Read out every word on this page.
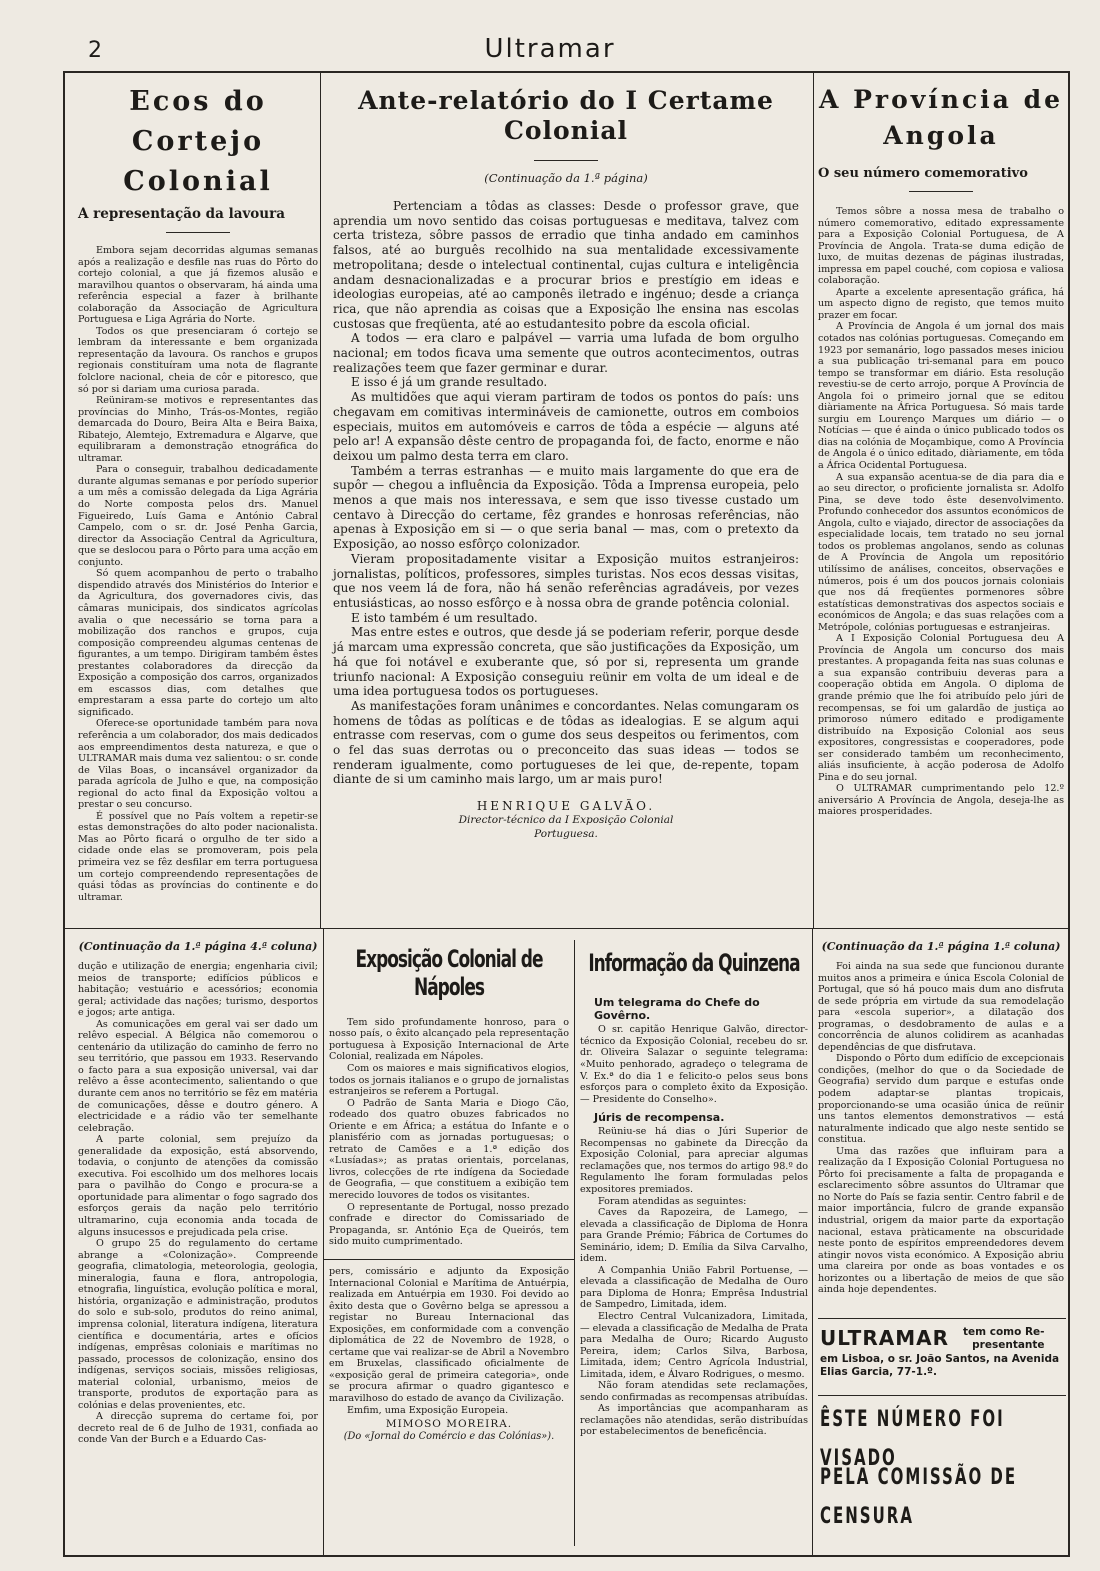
2	Ultramar
Ecos do Cortejo Colonial
A representação da lavoura

Embora sejam decorridas algumas semanas após a realização e desfile nas ruas do Pôrto do cortejo colonial, a que já fizemos alusão e maravilhou quantos o observaram, há ainda uma referência especial a fazer à brilhante colaboração da Associação de Agricultura Portuguesa e Liga Agrária do Norte.

Todos os que presenciaram ó cortejo se lembram da interessante e bem organizada representação da lavoura. Os ranchos e grupos regionais constituíram uma nota de flagrante folclore nacional, cheia de côr e pitoresco, que só por si dariam uma curiosa parada.

Reüniram-se motivos e representantes das províncias do Minho, Trás-os-Montes, região demarcada do Douro, Beira Alta e Beira Baixa, Ribatejo, Alemtejo, Extremadura e Algarve, que equilibraram a demonstração etnográfica do ultramar.

Para o conseguir, trabalhou dedicadamente durante algumas semanas e por período superior a um mês a comissão delegada da Liga Agrária do Norte composta pelos drs. Manuel Figueiredo, Luís Gama e António Cabral Campelo, com o sr. dr. José Penha Garcia, director da Associação Central da Agricultura, que se deslocou para o Pôrto para uma acção em conjunto.

Só quem acompanhou de perto o trabalho dispendido através dos Ministérios do Interior e da Agricultura, dos governadores civis, das câmaras municipais, dos sindicatos agrícolas avalia o que necessário se torna para a mobilização dos ranchos e grupos, cuja composição compreendeu algumas centenas de figurantes, a um tempo. Dirigiram também êstes prestantes colaboradores da direcção da Exposição a composição dos carros, organizados em escassos dias, com detalhes que emprestaram a essa parte do cortejo um alto significado.

Oferece-se oportunidade também para nova referência a um colaborador, dos mais dedicados aos empreendimentos desta natureza, e que o ULTRAMAR mais duma vez salientou: o sr. conde de Vilas Boas, o incansável organizador da parada agrícola de Julho e que, na composição regional do acto final da Exposição voltou a prestar o seu concurso.

É possível que no País voltem a repetir-se estas demonstrações do alto poder nacionalista. Mas ao Pôrto ficará o orgulho de ter sido a cidade onde elas se promoveram, pois pela primeira vez se fêz desfilar em terra portuguesa um cortejo compreendendo representações de quási tôdas as províncias do continente e do ultramar.

Ante-relatório do I Certame Colonial
(Continuação da 1.ª página)

Pertenciam a tôdas as classes: Desde o professor grave, que aprendia um novo sentido das coisas portuguesas e meditava, talvez com certa tristeza, sôbre passos de erradio que tinha andado em caminhos falsos, até ao burguês recolhido na sua mentalidade excessivamente metropolitana; desde o intelectual continental, cujas cultura e inteligência andam desnacionalizadas e a procurar brios e prestígio em ideas e ideologias europeias, até ao camponês iletrado e ingénuo; desde a criança rica, que não aprendia as coisas que a Exposição lhe ensina nas escolas custosas que freqüenta, até ao estudantesito pobre da escola oficial.

A todos — era claro e palpável — varria uma lufada de bom orgulho nacional; em todos ficava uma semente que outros acontecimentos, outras realizações teem que fazer germinar e durar.

E isso é já um grande resultado.

As multidões que aqui vieram partiram de todos os pontos do país: uns chegavam em comitivas intermináveis de camionette, outros em comboios especiais, muitos em automóveis e carros de tôda a espécie — alguns até pelo ar! A expansão dêste centro de propaganda foi, de facto, enorme e não deixou um palmo desta terra em claro.

Também a terras estranhas — e muito mais largamente do que era de supôr — chegou a influência da Exposição. Tôda a Imprensa europeia, pelo menos a que mais nos interessava, e sem que isso tivesse custado um centavo à Direcção do certame, fêz grandes e honrosas referências, não apenas à Exposição em si — o que seria banal — mas, com o pretexto da Exposição, ao nosso esfôrço colonizador.

Vieram propositadamente visitar a Exposição muitos estranjeiros: jornalistas, políticos, professores, simples turistas. Nos ecos dessas visitas, que nos veem lá de fora, não há senão referências agradáveis, por vezes entusiásticas, ao nosso esfôrço e à nossa obra de grande potência colonial.

E isto também é um resultado.

Mas entre estes e outros, que desde já se poderiam referir, porque desde já marcam uma expressão concreta, que são justificações da Exposição, um há que foi notável e exuberante que, só por si, representa um grande triunfo nacional: A Exposição conseguiu reünir em volta de um ideal e de uma idea portuguesa todos os portugueses.

As manifestações foram unânimes e concordantes. Nelas comungaram os homens de tôdas as políticas e de tôdas as idealogias. E se algum aqui entrasse com reservas, com o gume dos seus despeitos ou ferimentos, com o fel das suas derrotas ou o preconceito das suas ideas — todos se renderam igualmente, como portugueses de lei que, de-repente, topam diante de si um caminho mais largo, um ar mais puro!

HENRIQUE GALVÃO.
Director-técnico da I Exposição Colonial Portuguesa.
A Província de Angola
O seu número comemorativo

Temos sôbre a nossa mesa de trabalho o número comemorativo, editado expressamente para a Exposição Colonial Portuguesa, de A Província de Angola. Trata-se duma edição de luxo, de muitas dezenas de páginas ilustradas, impressa em papel couché, com copiosa e valiosa colaboração.

Aparte a excelente apresentação gráfica, há um aspecto digno de registo, que temos muito prazer em focar.

A Província de Angola é um jornal dos mais cotados nas colónias portuguesas. Começando em 1923 por semanário, logo passados meses iniciou a sua publicação tri-semanal para em pouco tempo se transformar em diário. Esta resolução revestiu-se de certo arrojo, porque A Província de Angola foi o primeiro jornal que se editou diàriamente na África Portuguesa. Só mais tarde surgiu em Lourenço Marques um diário — o Notícias — que é ainda o único publicado todos os dias na colónia de Moçambique, como A Província de Angola é o único editado, diàriamente, em tôda a África Ocidental Portuguesa.

A sua expansão acentua-se de dia para dia e ao seu director, o proficiente jornalista sr. Adolfo Pina, se deve todo êste desenvolvimento. Profundo conhecedor dos assuntos económicos de Angola, culto e viajado, director de associações da especialidade locais, tem tratado no seu jornal todos os problemas angolanos, sendo as colunas de A Província de Angola um repositório utilíssimo de análises, conceitos, observações e números, pois é um dos poucos jornais coloniais que nos dá freqüentes pormenores sôbre estatísticas demonstrativas dos aspectos sociais e económicos de Angola; e das suas relações com a Metrópole, colónias portuguesas e estranjeiras.

A I Exposição Colonial Portuguesa deu A Província de Angola um concurso dos mais prestantes. A propaganda feita nas suas colunas e a sua expansão contribuiu deveras para a cooperação obtida em Angola. O diploma de grande prémio que lhe foi atribuído pelo júri de recompensas, se foi um galardão de justiça ao primoroso número editado e prodigamente distribuído na Exposição Colonial aos seus expositores, congressistas e cooperadores, pode ser considerado também um reconhecimento, aliás insuficiente, à acção poderosa de Adolfo Pina e do seu jornal.

O ULTRAMAR cumprimentando pelo 12.º aniversário A Província de Angola, deseja-lhe as maiores prosperidades.

(Continuação da 1.ª página 4.ª coluna)

dução e utilização de energia; engenharia civil; meios de transporte; edifícios públicos e habitação; vestuário e acessórios; economia geral; actividade das nações; turismo, desportos e jogos; arte antiga.

As comunicações em geral vai ser dado um relêvo especial. A Bélgica não comemorou o centenário da utilização do caminho de ferro no seu território, que passou em 1933. Reservando o facto para a sua exposição universal, vai dar relêvo a êsse acontecimento, salientando o que durante cem anos no território se fêz em matéria de comunicações, dêsse e doutro género. A electricidade e a rádio vão ter semelhante celebração.

A parte colonial, sem prejuízo da generalidade da exposição, está absorvendo, todavia, o conjunto de atenções da comissão executiva. Foi escolhido um dos melhores locais para o pavilhão do Congo e procura-se a oportunidade para alimentar o fogo sagrado dos esforços gerais da nação pelo território ultramarino, cuja economia anda tocada de alguns insucessos e prejudicada pela crise.

O grupo 25 do regulamento do certame abrange a «Colonização». Compreende geografia, climatologia, meteorologia, geologia, mineralogia, fauna e flora, antropologia, etnografia, linguística, evolução política e moral, história, organização e administração, produtos do solo e sub-solo, produtos do reino animal, imprensa colonial, literatura indígena, literatura científica e documentária, artes e ofícios indígenas, emprêsas coloniais e marítimas no passado, processos de colonização, ensino dos indígenas, serviços sociais, missões religiosas, material colonial, urbanismo, meios de transporte, produtos de exportação para as colónias e delas provenientes, etc.

A direcção suprema do certame foi, por decreto real de 6 de Julho de 1931, confiada ao conde Van der Burch e a Eduardo Cas-

Exposição Colonial de Nápoles

Tem sido profundamente honroso, para o nosso país, o êxito alcançado pela representação portuguesa à Exposição Internacional de Arte Colonial, realizada em Nápoles.

Com os maiores e mais significativos elogios, todos os jornais italianos e o grupo de jornalistas estranjeiros se referem a Portugal.

O Padrão de Santa Maria e Diogo Cão, rodeado dos quatro obuzes fabricados no Oriente e em África; a estátua do Infante e o planisfério com as jornadas portuguesas; o retrato de Camões e a 1.ª edição dos «Lusíadas»; as pratas orientais, porcelanas, livros, colecções de rte indígena da Sociedade de Geografia, — que constituem a exibição tem merecido louvores de todos os visitantes.

O representante de Portugal, nosso prezado confrade e director do Comissariado de Propaganda, sr. António Eça de Queirós, tem sido muito cumprimentado.

pers, comissário e adjunto da Exposição Internacional Colonial e Marítima de Antuérpia, realizada em Antuérpia em 1930. Foi devido ao êxito desta que o Govêrno belga se apressou a registar no Bureau Internacional das Exposições, em conformidade com a convenção diplomática de 22 de Novembro de 1928, o certame que vai realizar-se de Abril a Novembro em Bruxelas, classificado oficialmente de «exposição geral de primeira categoria», onde se procura afirmar o quadro gigantesco e maravilhoso do estado de avanço da Civilização.

Emfim, uma Exposição Europeia.

MIMOSO MOREIRA.
(Do «Jornal do Comércio e das Colónias»).
Informação da Quinzena
Um telegrama do Chefe do Govêrno.

O sr. capitão Henrique Galvão, director-técnico da Exposição Colonial, recebeu do sr. dr. Oliveira Salazar o seguinte telegrama: «Muito penhorado, agradeço o telegrama de V. Ex.ª do dia 1 e felicito-o pelos seus bons esforços para o completo êxito da Exposição. — Presidente do Conselho».

Júris de recompensa.

Reüniu-se há dias o Júri Superior de Recompensas no gabinete da Direcção da Exposição Colonial, para apreciar algumas reclamações que, nos termos do artigo 98.º do Regulamento lhe foram formuladas pelos expositores premiados.

Foram atendidas as seguintes:

Caves da Rapozeira, de Lamego, — elevada a classificação de Diploma de Honra para Grande Prémio; Fábrica de Cortumes do Seminário, idem; D. Emília da Silva Carvalho, idem.

A Companhia União Fabril Portuense, — elevada a classificação de Medalha de Ouro para Diploma de Honra; Emprêsa Industrial de Sampedro, Limitada, idem.

Electro Central Vulcanizadora, Limitada, — elevada a classificação de Medalha de Prata para Medalha de Ouro; Ricardo Augusto Pereira, idem; Carlos Silva, Barbosa, Limitada, idem; Centro Agrícola Industrial, Limitada, idem, e Álvaro Rodrigues, o mesmo.

Não foram atendidas sete reclamações, sendo confirmadas as recompensas atribuídas.

As importâncias que acompanharam as reclamações não atendidas, serão distribuídas por estabelecimentos de beneficência.

(Continuação da 1.ª página 1.ª coluna)

Foi ainda na sua sede que funcionou durante muitos anos a primeira e única Escola Colonial de Portugal, que só há pouco mais dum ano disfruta de sede própria em virtude da sua remodelação para «escola superior», a dilatação dos programas, o desdobramento de aulas e a concorrência de alunos colidirem as acanhadas dependências de que disfrutava.

Dispondo o Pôrto dum edifício de excepcionais condições, (melhor do que o da Sociedade de Geografia) servido dum parque e estufas onde podem adaptar-se plantas tropicais, proporcionando-se uma ocasião única de reünir uns tantos elementos demonstrativos — está naturalmente indicado que algo neste sentido se constitua.

Uma das razões que influiram para a realização da I Exposição Colonial Portuguesa no Pôrto foi precisamente a falta de propaganda e esclarecimento sôbre assuntos do Ultramar que no Norte do País se fazia sentir. Centro fabril e de maior importância, fulcro de grande expansão industrial, origem da maior parte da exportação nacional, estava pràticamente na obscuridade neste ponto de espíritos empreendedores devem atingir novos vista económico. A Exposição abriu uma clareira por onde as boas vontades e os horizontes ou a libertação de meios de que são ainda hoje dependentes.

ULTRAMAR tem como Re-
presentante
em Lisboa, o sr. João Santos, na Avenida Elias Garcia, 77-1.º.
ÊSTE NÚMERO FOI VISADO
PELA COMISSÃO DE CENSURA
